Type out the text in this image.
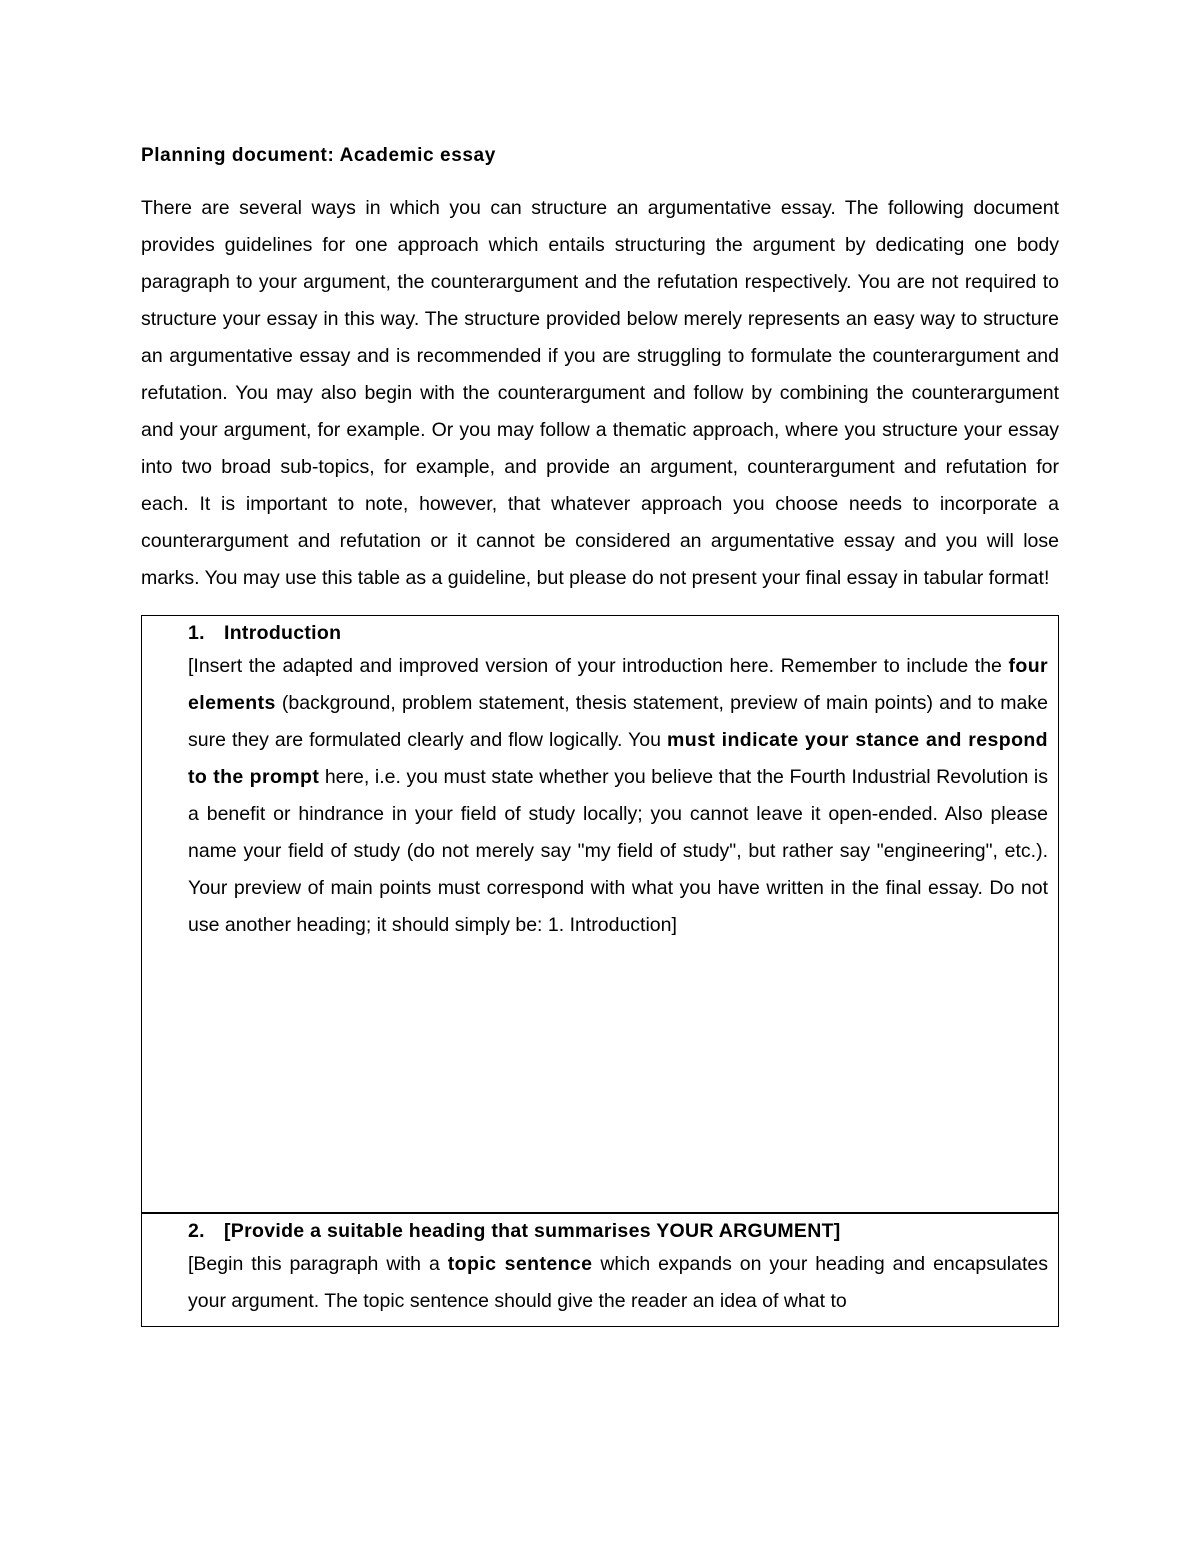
Planning document: Academic essay

There are several ways in which you can structure an argumentative essay. The following document provides guidelines for one approach which entails structuring the argument by dedicating one body paragraph to your argument, the counterargument and the refutation respectively. You are not required to structure your essay in this way. The structure provided below merely represents an easy way to structure an argumentative essay and is recommended if you are struggling to formulate the counterargument and refutation. You may also begin with the counterargument and follow by combining the counterargument and your argument, for example. Or you may follow a thematic approach, where you structure your essay into two broad sub-topics, for example, and provide an argument, counterargument and refutation for each. It is important to note, however, that whatever approach you choose needs to incorporate a counterargument and refutation or it cannot be considered an argumentative essay and you will lose marks. You may use this table as a guideline, but please do not present your final essay in tabular format!

1. Introduction

[Insert the adapted and improved version of your introduction here. Remember to include the four elements (background, problem statement, thesis statement, preview of main points) and to make sure they are formulated clearly and flow logically. You must indicate your stance and respond to the prompt here, i.e. you must state whether you believe that the Fourth Industrial Revolution is a benefit or hindrance in your field of study locally; you cannot leave it open-ended. Also please name your field of study (do not merely say "my field of study", but rather say "engineering", etc.). Your preview of main points must correspond with what you have written in the final essay. Do not use another heading; it should simply be: 1. Introduction]

2. [Provide a suitable heading that summarises YOUR ARGUMENT]

[Begin this paragraph with a topic sentence which expands on your heading and encapsulates your argument. The topic sentence should give the reader an idea of what to
